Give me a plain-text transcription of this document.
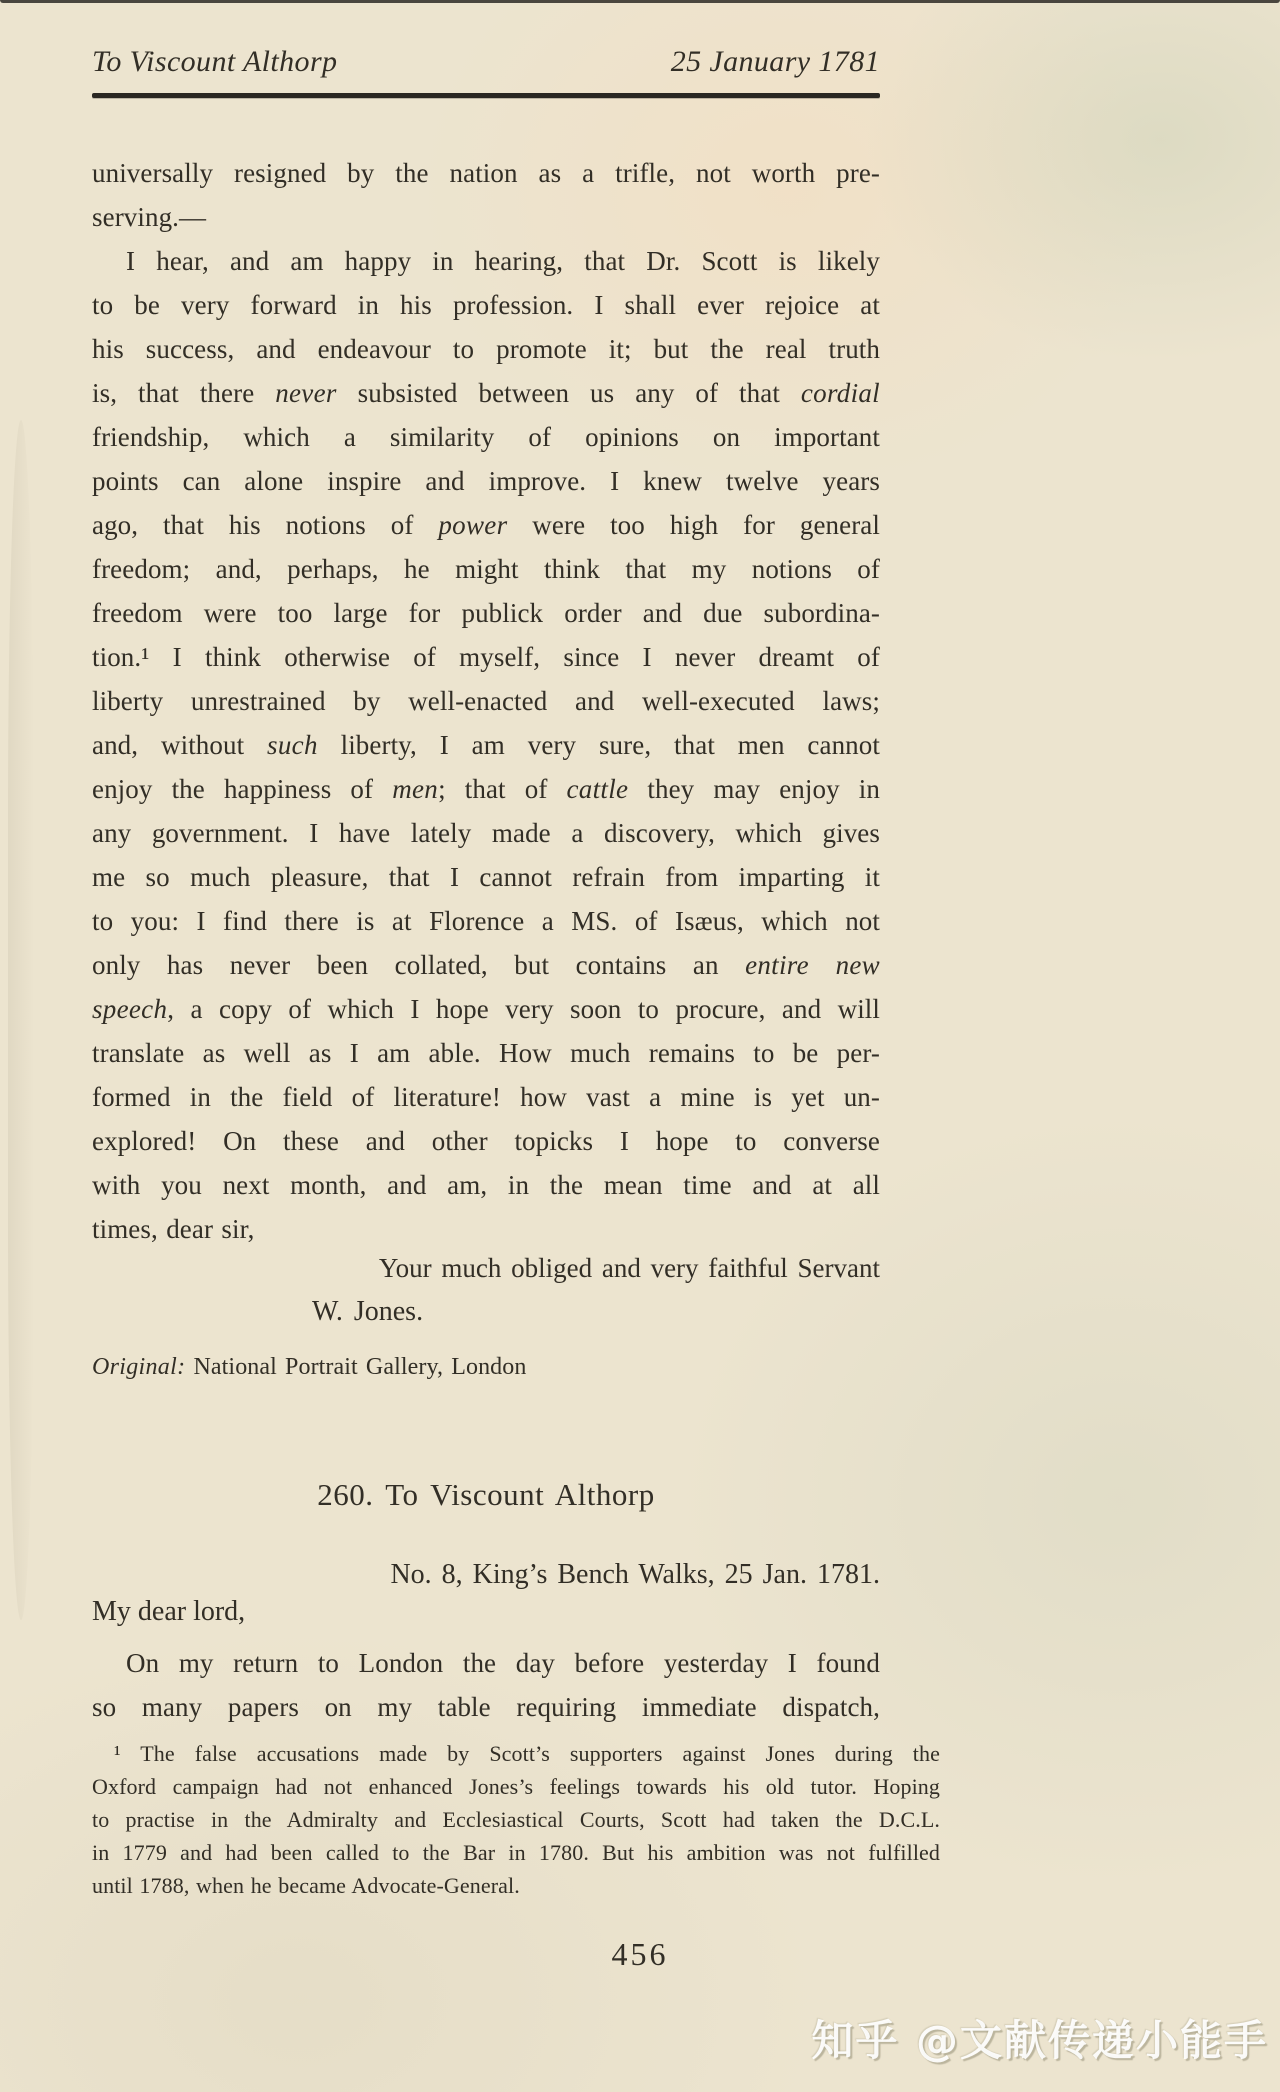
To Viscount Althorp	25 January 1781
universally resigned by the nation as a trifle, not worth pre-
serving.—
I hear, and am happy in hearing, that Dr. Scott is likely
to be very forward in his profession. I shall ever rejoice at
his success, and endeavour to promote it; but the real truth
is, that there never subsisted between us any of that cordial
friendship, which a similarity of opinions on important
points can alone inspire and improve. I knew twelve years
ago, that his notions of power were too high for general
freedom; and, perhaps, he might think that my notions of
freedom were too large for publick order and due subordina-
tion.¹ I think otherwise of myself, since I never dreamt of
liberty unrestrained by well-enacted and well-executed laws;
and, without such liberty, I am very sure, that men cannot
enjoy the happiness of men; that of cattle they may enjoy in
any government. I have lately made a discovery, which gives
me so much pleasure, that I cannot refrain from imparting it
to you: I find there is at Florence a MS. of Isæus, which not
only has never been collated, but contains an entire new
speech, a copy of which I hope very soon to procure, and will
translate as well as I am able. How much remains to be per-
formed in the field of literature! how vast a mine is yet un-
explored! On these and other topicks I hope to converse
with you next month, and am, in the mean time and at all
times, dear sir,
Your much obliged and very faithful Servant
W. Jones.
Original: National Portrait Gallery, London
260. To Viscount Althorp
No. 8, King’s Bench Walks, 25 Jan. 1781.
My dear lord,
On my return to London the day before yesterday I found
so many papers on my table requiring immediate dispatch,
¹ The false accusations made by Scott’s supporters against Jones during the
Oxford campaign had not enhanced Jones’s feelings towards his old tutor. Hoping
to practise in the Admiralty and Ecclesiastical Courts, Scott had taken the D.C.L.
in 1779 and had been called to the Bar in 1780. But his ambition was not fulfilled
until 1788, when he became Advocate-General.
456
知乎 @文献传递小能手
